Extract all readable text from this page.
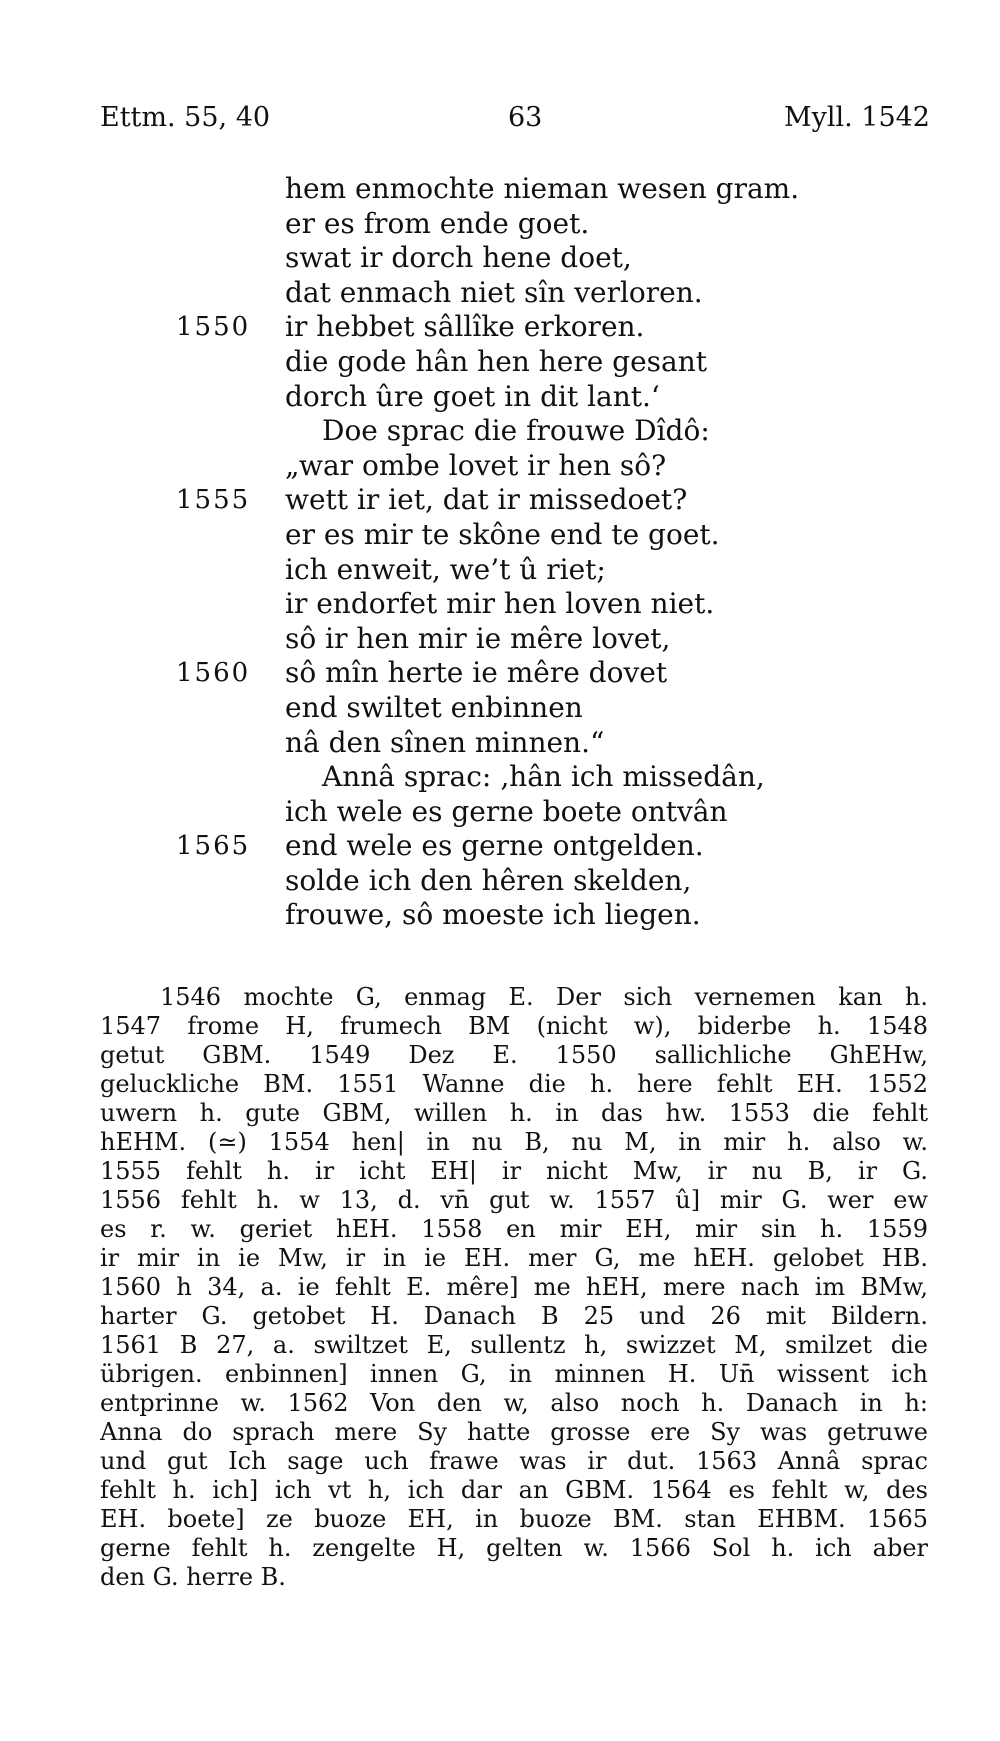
Ettm. 55, 40	63	Myll. 1542
hem enmochte nieman wesen gram.
er es from ende goet.
swat ir dorch hene doet,
dat enmach niet sîn verloren.
1550	ir hebbet sâllîke erkoren.
die gode hân hen here gesant
dorch ûre goet in dit lant.‘
Doe sprac die frouwe Dîdô:
„war ombe lovet ir hen sô?
1555	wett ir iet, dat ir missedoet?
er es mir te skône end te goet.
ich enweit, we’t û riet;
ir endorfet mir hen loven niet.
sô ir hen mir ie mêre lovet,
1560	sô mîn herte ie mêre dovet
end swiltet enbinnen
nâ den sînen minnen.“
Annâ sprac: ‚hân ich missedân,
ich wele es gerne boete ontvân
1565	end wele es gerne ontgelden.
solde ich den hêren skelden,
frouwe, sô moeste ich liegen.
1546 mochte G, enmag E. Der sich vernemen kan h.
1547 frome H, frumech BM (nicht w), biderbe h. 1548
getut GBM. 1549 Dez E. 1550 sallichliche GhEHw,
geluckliche BM. 1551 Wanne die h. here fehlt EH. 1552
uwern h. gute GBM, willen h. in das hw. 1553 die fehlt
hEHM. (≃) 1554 hen| in nu B, nu M, in mir h. also w.
1555 fehlt h. ir icht EH| ir nicht Mw, ir nu B, ir G.
1556 fehlt h. w 13, d. vn̄ gut w. 1557 û] mir G. wer ew
es r. w. geriet hEH. 1558 en mir EH, mir sin h. 1559
ir mir in ie Mw, ir in ie EH. mer G, me hEH. gelobet HB.
1560 h 34, a. ie fehlt E. mêre] me hEH, mere nach im BMw,
harter G. getobet H. Danach B 25 und 26 mit Bildern.
1561 B 27, a. swiltzet E, sullentz h, swizzet M, smilzet die
übrigen. enbinnen] innen G, in minnen H. Un̄ wissent ich
entprinne w. 1562 Von den w, also noch h. Danach in h:
Anna do sprach mere Sy hatte grosse ere Sy was getruwe
und gut Ich sage uch frawe was ir dut. 1563 Annâ sprac
fehlt h. ich] ich vt h, ich dar an GBM. 1564 es fehlt w, des
EH. boete] ze buoze EH, in buoze BM. stan EHBM. 1565
gerne fehlt h. zengelte H, gelten w. 1566 Sol h. ich aber
den G. herre B.
